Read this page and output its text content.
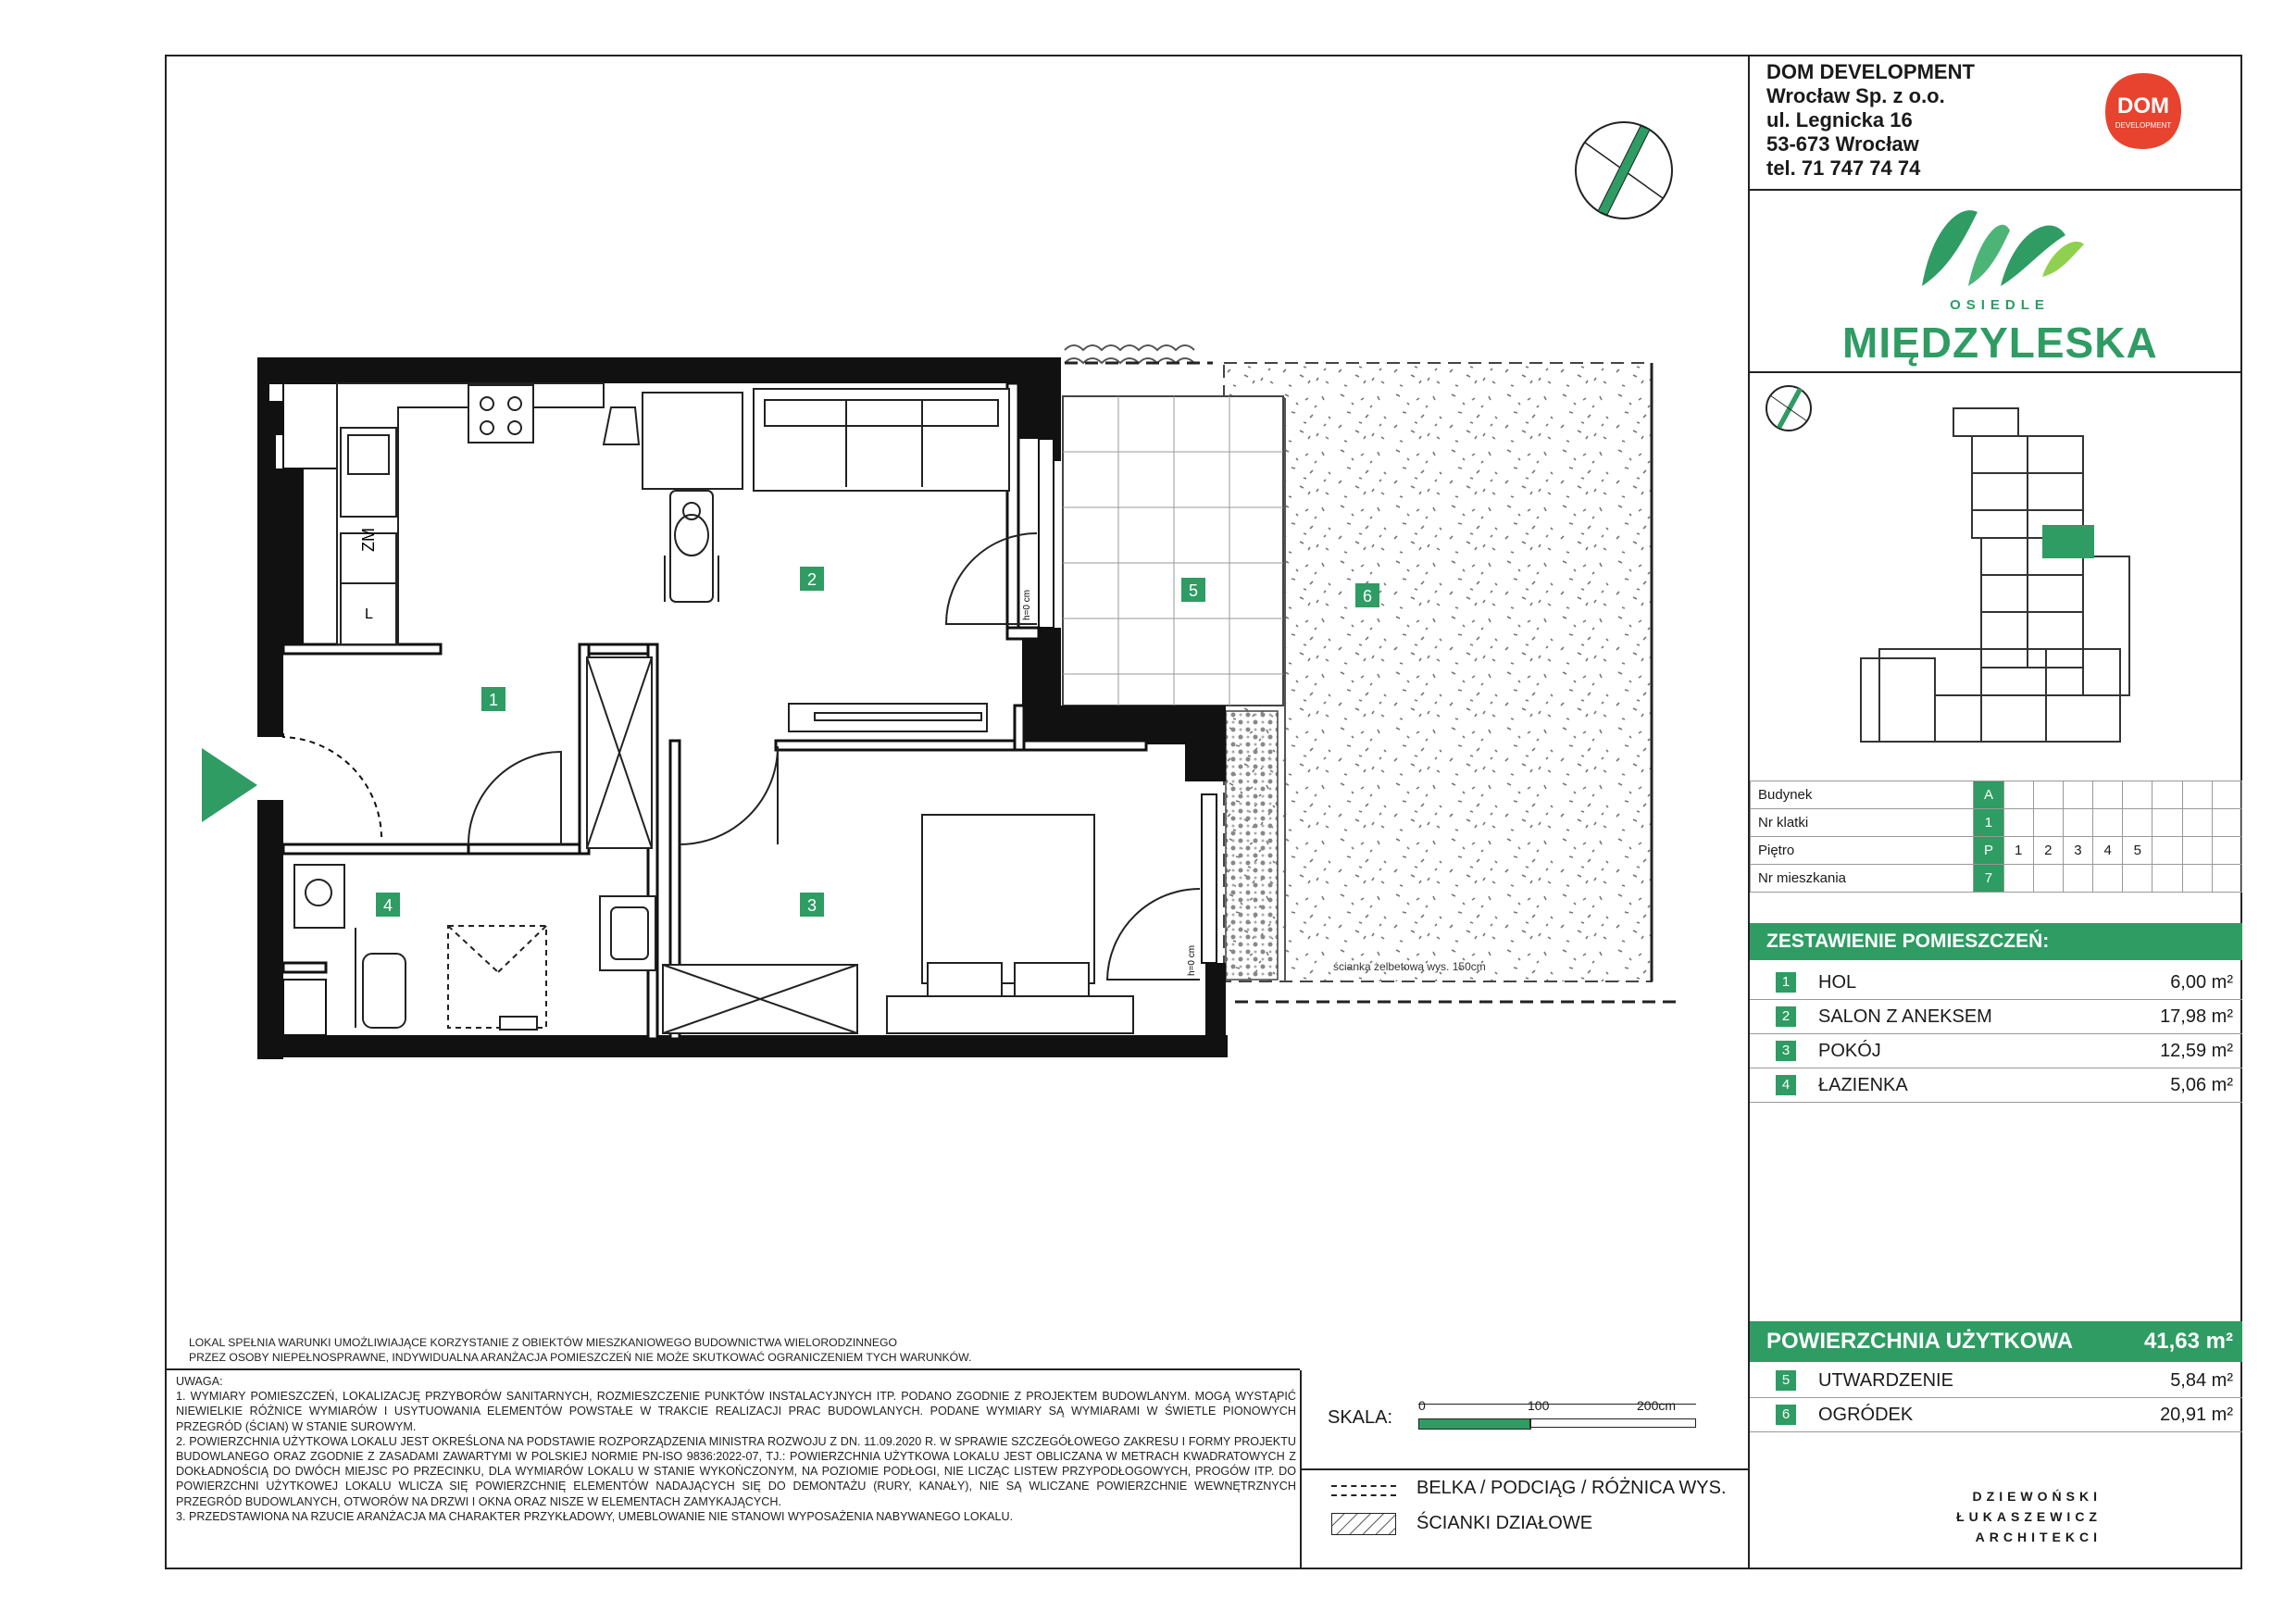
ścianka żelbetowa wys. 150cm
ZM
L	h=0 cm
h=0 cm
1
2
3
4
5	6
LOKAL SPEŁNIA WARUNKI UMOŻLIWIAJĄCE KORZYSTANIE Z OBIEKTÓW MIESZKANIOWEGO BUDOWNICTWA WIELORODZINNEGO
PRZEZ OSOBY NIEPEŁNOSPRAWNE, INDYWIDUALNA ARANŻACJA POMIESZCZEŃ NIE MOŻE SKUTKOWAĆ OGRANICZENIEM TYCH WARUNKÓW.

UWAGA:

1. WYMIARY POMIESZCZEŃ, LOKALIZACJĘ PRZYBORÓW SANITARNYCH, ROZMIESZCZENIE PUNKTÓW INSTALACYJNYCH ITP. PODANO ZGODNIE Z PROJEKTEM BUDOWLANYM. MOGĄ WYSTĄPIĆ NIEWIELKIE RÓŻNICE WYMIARÓW I USYTUOWANIA ELEMENTÓW POWSTAŁE W TRAKCIE REALIZACJI PRAC BUDOWLANYCH. PODANE WYMIARY SĄ WYMIARAMI W ŚWIETLE PIONOWYCH PRZEGRÓD (ŚCIAN) W STANIE SUROWYM.

2. POWIERZCHNIA UŻYTKOWA LOKALU JEST OKREŚLONA NA PODSTAWIE ROZPORZĄDZENIA MINISTRA ROZWOJU Z DN. 11.09.2020 R. W SPRAWIE SZCZEGÓŁOWEGO ZAKRESU I FORMY PROJEKTU BUDOWLANEGO ORAZ ZGODNIE Z ZASADAMI ZAWARTYMI W POLSKIEJ NORMIE PN-ISO 9836:2022-07, TJ.: POWIERZCHNIA UŻYTKOWA LOKALU JEST OBLICZANA W METRACH KWADRATOWYCH Z DOKŁADNOŚCIĄ DO DWÓCH MIEJSC PO PRZECINKU, DLA WYMIARÓW LOKALU W STANIE WYKOŃCZONYM, NA POZIOMIE PODŁOGI, NIE LICZĄC LISTEW PRZYPODŁOGOWYCH, PROGÓW ITP. DO POWIERZCHNI UŻYTKOWEJ LOKALU WLICZA SIĘ POWIERZCHNIĘ ELEMENTÓW NADAJĄCYCH SIĘ DO DEMONTAŻU (RURY, KANAŁY), NIE SĄ WLICZANE POWIERZCHNIE WEWNĘTRZNYCH PRZEGRÓD BUDOWLANYCH, OTWORÓW NA DRZWI I OKNA ORAZ NISZE W ELEMENTACH ZAMYKAJĄCYCH.

3. PRZEDSTAWIONA NA RZUCIE ARANŻACJA MA CHARAKTER PRZYKŁADOWY, UMEBLOWANIE NIE STANOWI WYPOSAŻENIA NABYWANEGO LOKALU.

SKALA:
0	100	200cm
BELKA / PODCIĄG / RÓŻNICA WYS.
ŚCIANKI DZIAŁOWE
DOM DEVELOPMENT
Wrocław Sp. z o.o.
ul. Legnicka 16
53-673 Wrocław
tel. 71 747 74 74
DOM
DEVELOPMENT
OSIEDLE
MIĘDZYLESKA
Budynek	A								
Nr klatki	1								
Piętro	P	1	2	3	4	5			
Nr mieszkania	7								
ZESTAWIENIE POMIESZCZEŃ:
1	HOL	6,00 m²
2	SALON Z ANEKSEM	17,98 m²
3	POKÓJ	12,59 m²
4	ŁAZIENKA	5,06 m²
POWIERZCHNIA UŻYTKOWA	41,63 m²
5	UTWARDZENIE	5,84 m²
6	OGRÓDEK	20,91 m²
DZIEWOŃSKI
ŁUKASZEWICZ
ARCHITEKCI
